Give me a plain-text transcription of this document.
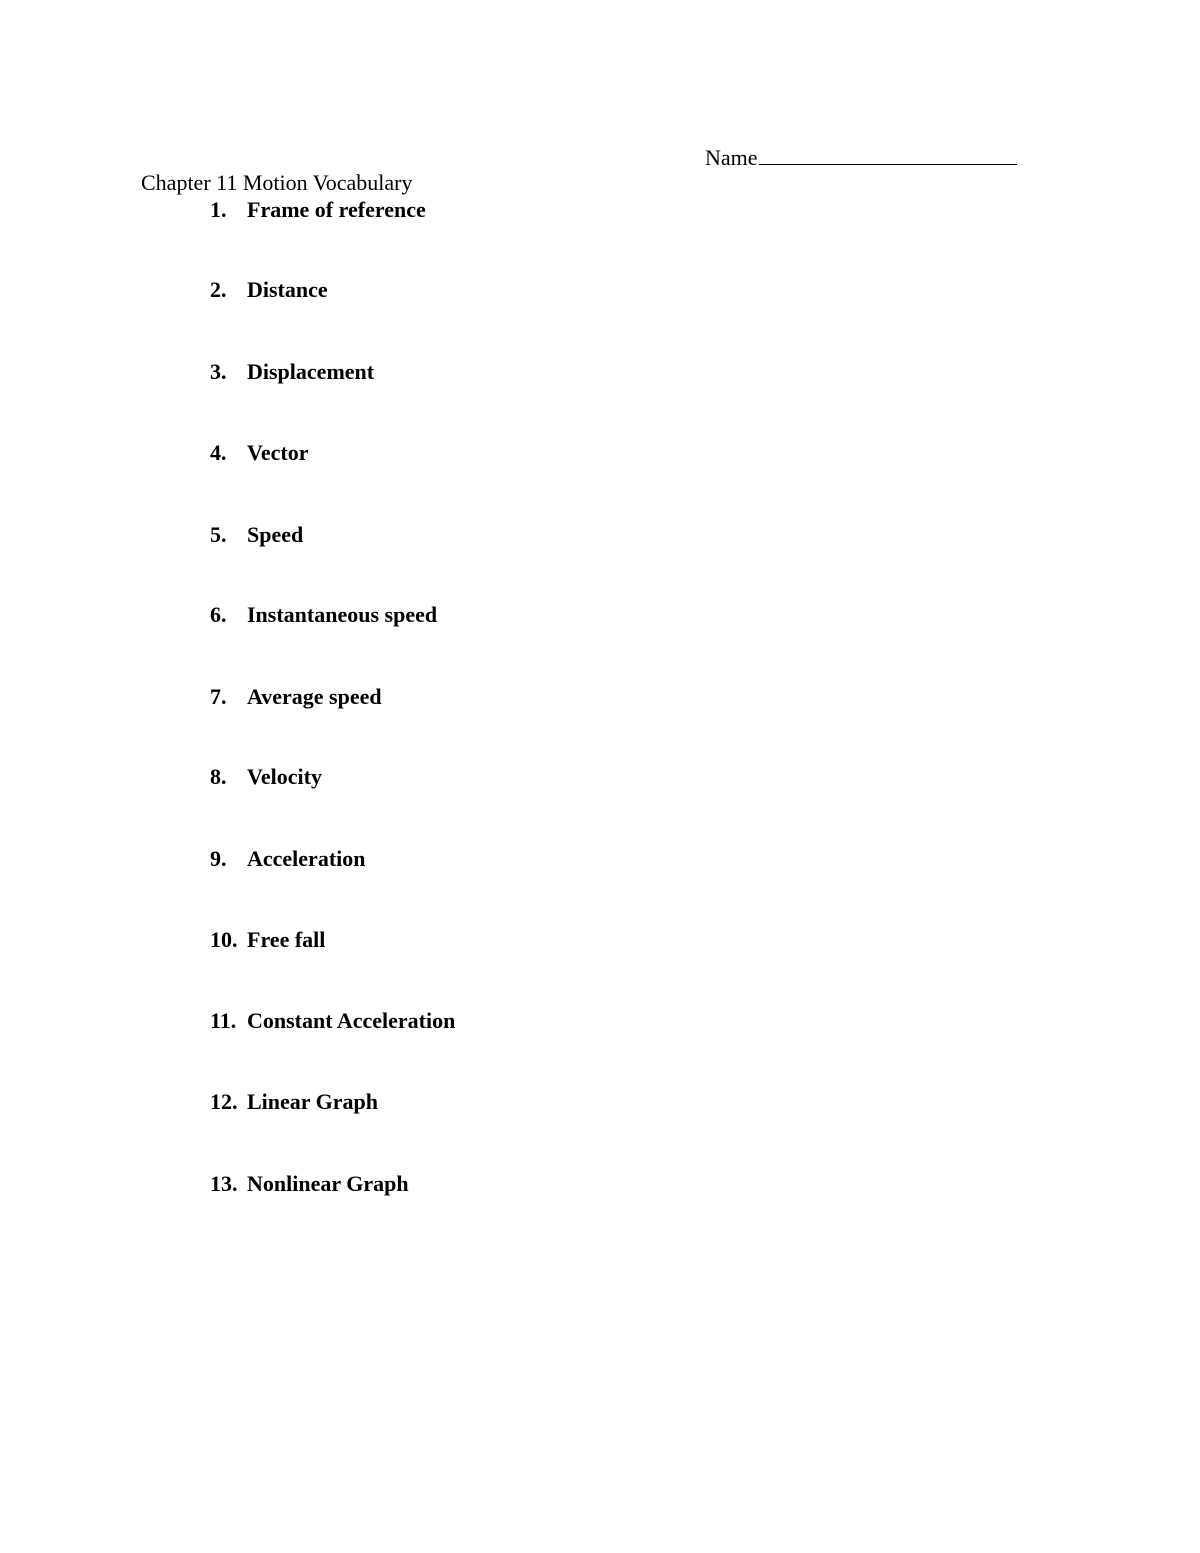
Name
Chapter 11 Motion Vocabulary
1. Frame of reference
2. Distance
3. Displacement
4. Vector
5. Speed
6. Instantaneous speed
7. Average speed
8. Velocity
9. Acceleration
10. Free fall
11. Constant Acceleration
12. Linear Graph
13. Nonlinear Graph
